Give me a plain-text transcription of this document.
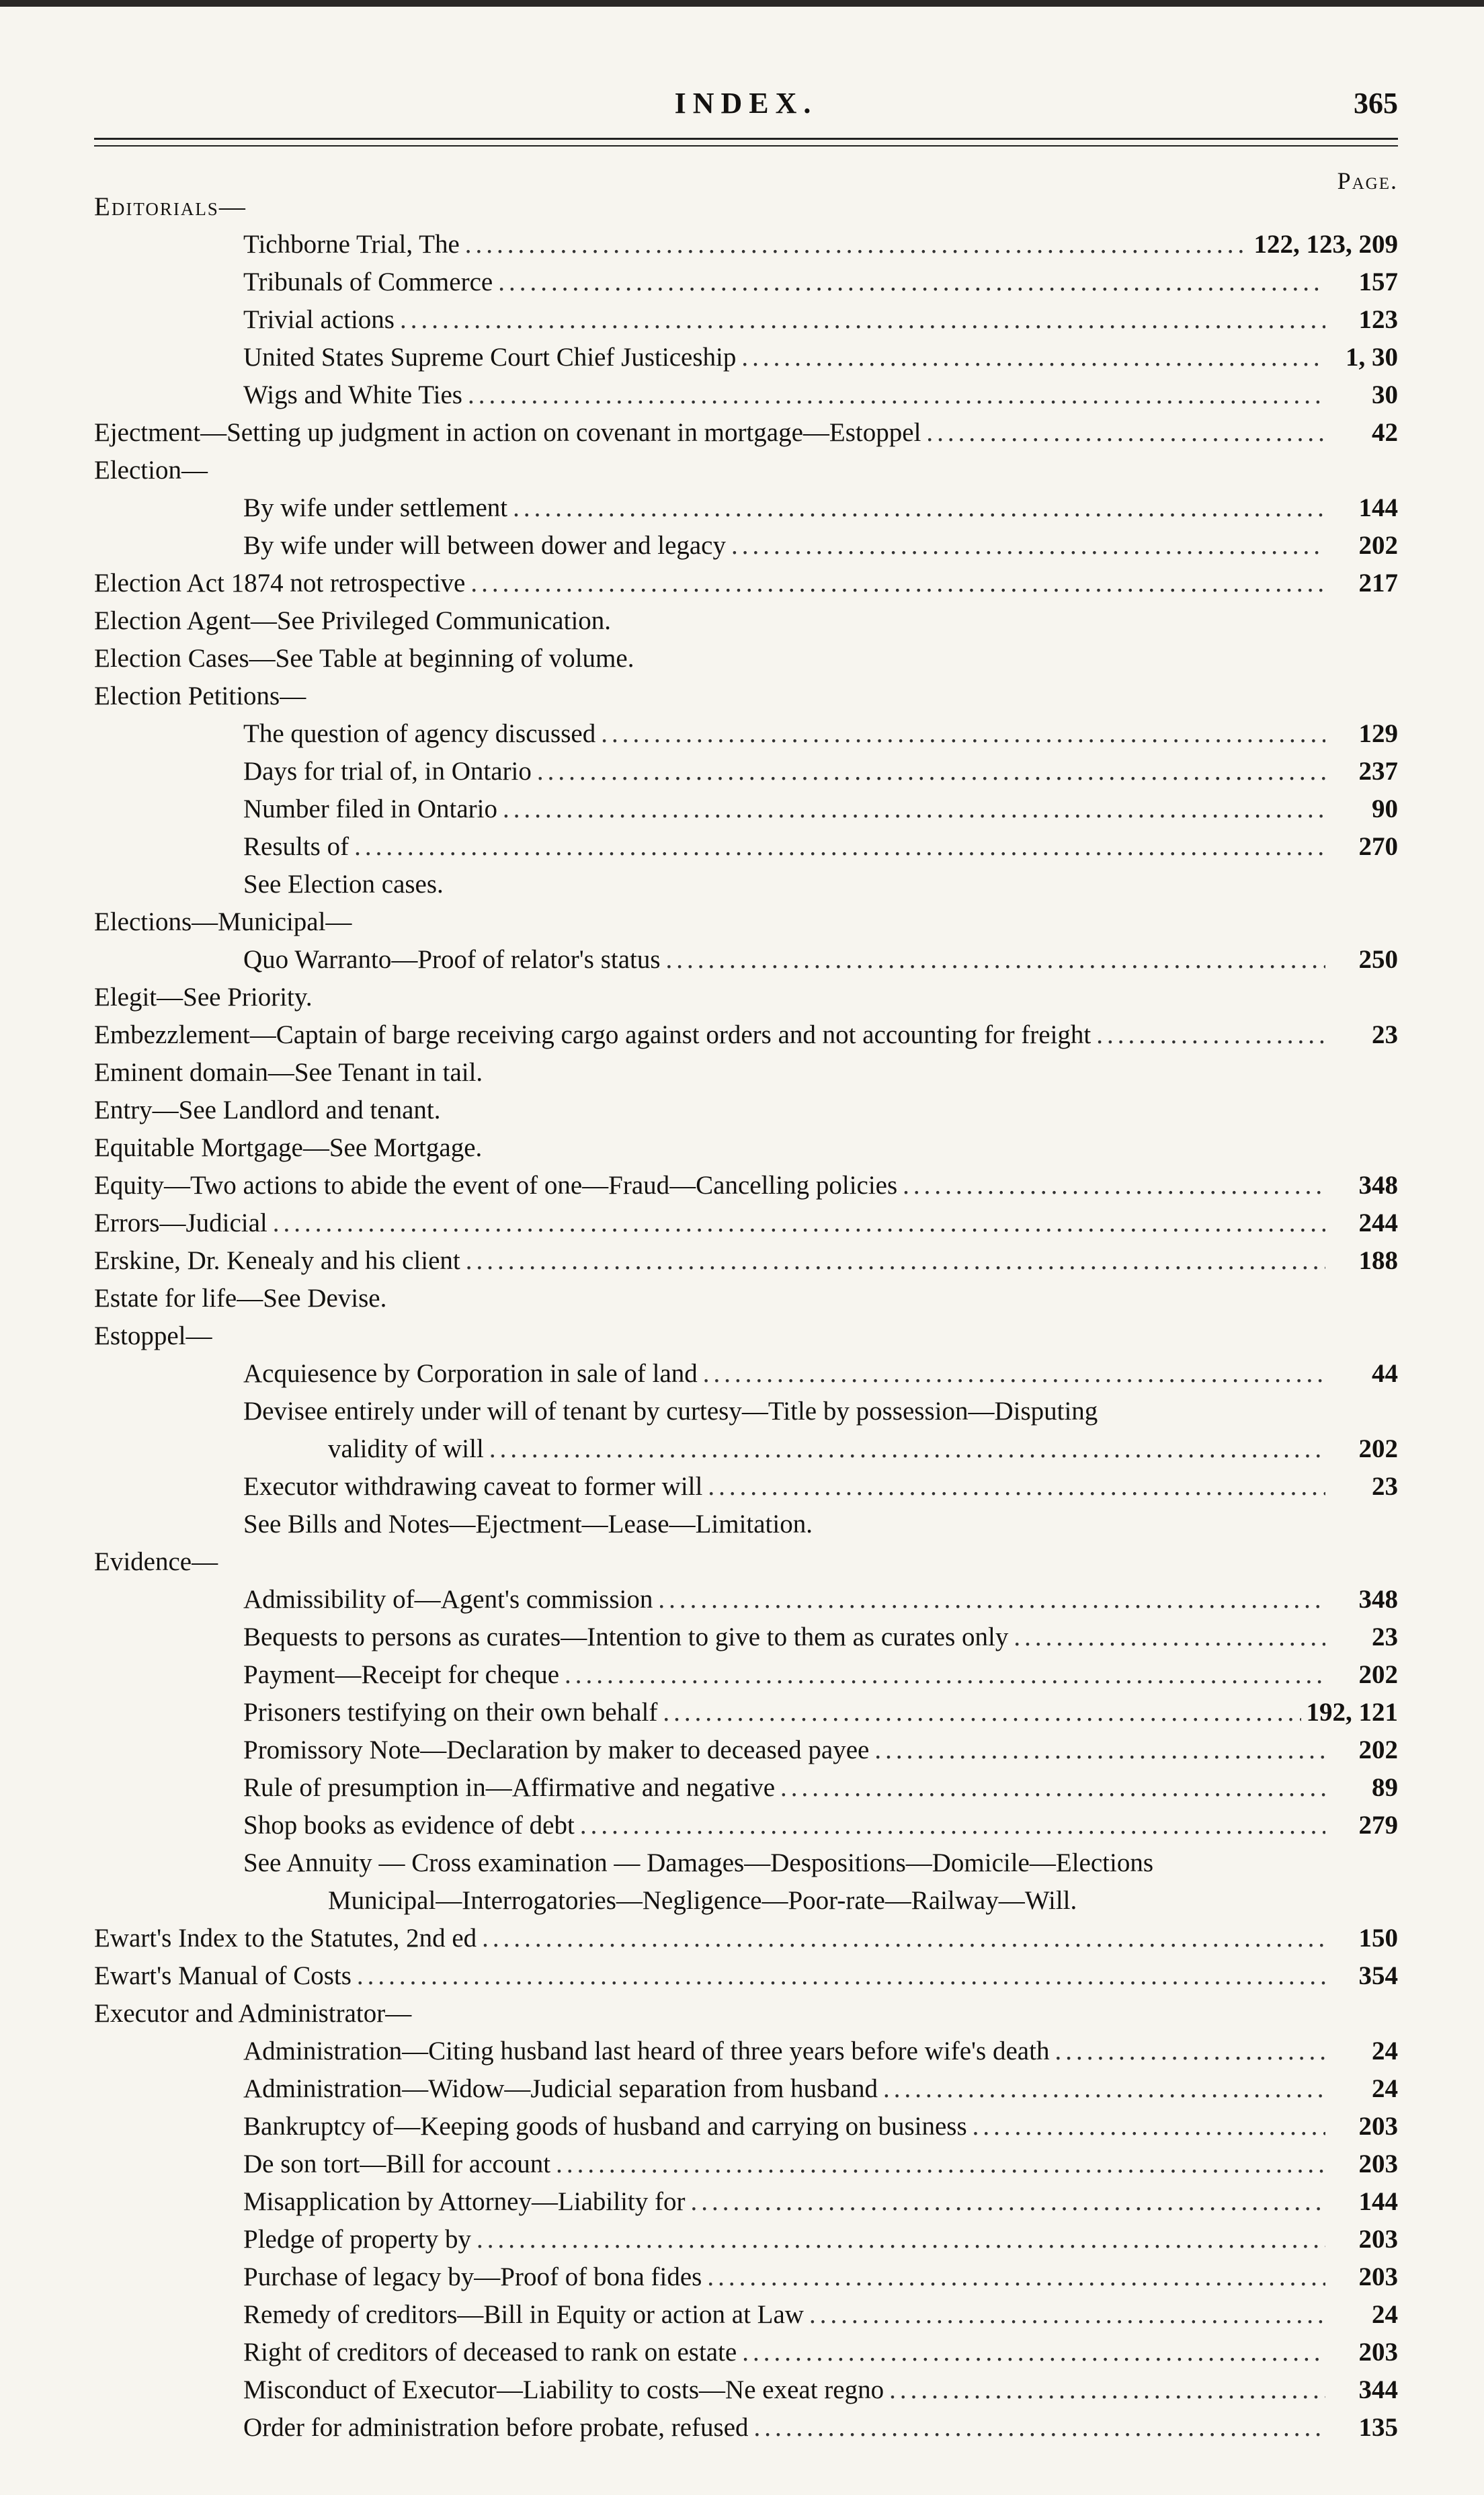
INDEX.	365
Page.
Editorials—
Tichborne Trial, The .....	122, 123, 209
Tribunals of Commerce .....	157
Trivial actions .....	123
United States Supreme Court Chief Justiceship .....	1, 30
Wigs and White Ties .....	30
Ejectment—Setting up judgment in action on covenant in mortgage—Estoppel .....	42
Election—
By wife under settlement .....	144
By wife under will between dower and legacy .....	202
Election Act 1874 not retrospective .....	217
Election Agent—See Privileged Communication.
Election Cases—See Table at beginning of volume.
Election Petitions—
The question of agency discussed .....	129
Days for trial of, in Ontario .....	237
Number filed in Ontario .....	90
Results of .....	270
See Election cases.
Elections—Municipal—
Quo Warranto—Proof of relator's status .....	250
Elegit—See Priority.
Embezzlement—Captain of barge receiving cargo against orders and not accounting for freight .....	23
Eminent domain—See Tenant in tail.
Entry—See Landlord and tenant.
Equitable Mortgage—See Mortgage.
Equity—Two actions to abide the event of one—Fraud—Cancelling policies .....	348
Errors—Judicial .....	244
Erskine, Dr. Kenealy and his client .....	188
Estate for life—See Devise.
Estoppel—
Acquiesence by Corporation in sale of land .....	44
Devisee entirely under will of tenant by curtesy—Title by possession—Disputing
validity of will .....	202
Executor withdrawing caveat to former will .....	23
See Bills and Notes—Ejectment—Lease—Limitation.
Evidence—
Admissibility of—Agent's commission .....	348
Bequests to persons as curates—Intention to give to them as curates only .....	23
Payment—Receipt for cheque .....	202
Prisoners testifying on their own behalf .....	192, 121
Promissory Note—Declaration by maker to deceased payee .....	202
Rule of presumption in—Affirmative and negative .....	89
Shop books as evidence of debt .....	279
See Annuity — Cross examination — Damages—Despositions—Domicile—Elections
Municipal—Interrogatories—Negligence—Poor-rate—Railway—Will.
Ewart's Index to the Statutes, 2nd ed .....	150
Ewart's Manual of Costs .....	354
Executor and Administrator—
Administration—Citing husband last heard of three years before wife's death .....	24
Administration—Widow—Judicial separation from husband .....	24
Bankruptcy of—Keeping goods of husband and carrying on business .....	203
De son tort—Bill for account .....	203
Misapplication by Attorney—Liability for .....	144
Pledge of property by .....	203
Purchase of legacy by—Proof of bona fides .....	203
Remedy of creditors—Bill in Equity or action at Law .....	24
Right of creditors of deceased to rank on estate .....	203
Misconduct of Executor—Liability to costs—Ne exeat regno .....	344
Order for administration before probate, refused .....	135
